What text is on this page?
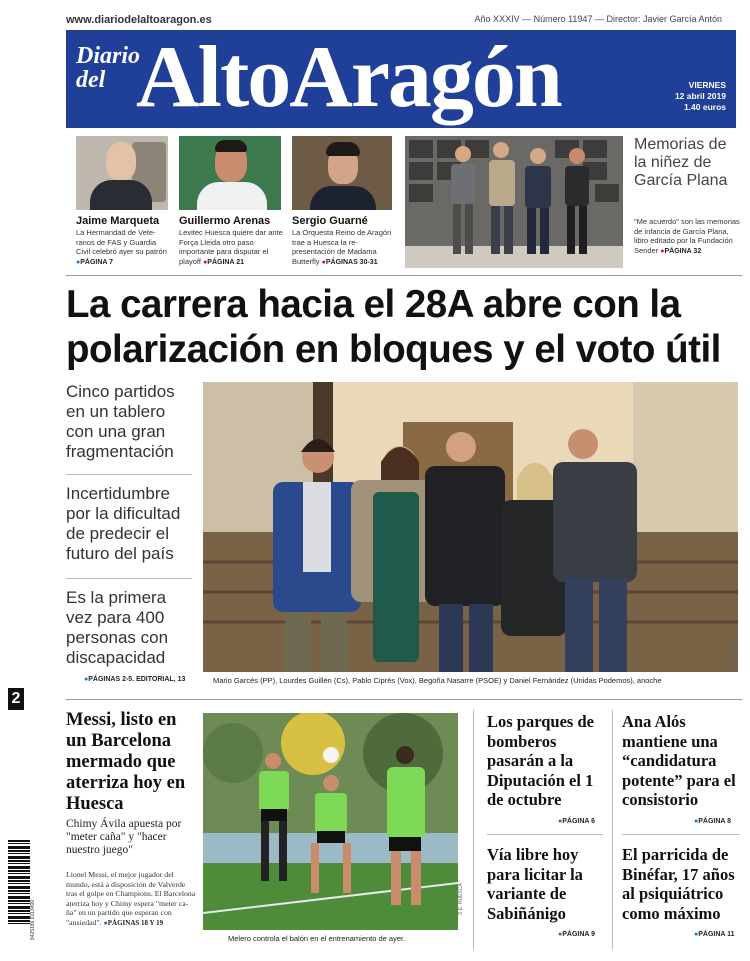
www.diariodelaltoaragon.es	Año XXXIV — Número 11947 — Director: Javier García Antón
Diario
del AltoAragón	VIERNES
12 abril 2019
1.40 euros
Jaime Marqueta
La Hermandad de Veteranos de FAS y Guardia Civil celebró ayer su patrón ● PÁGINA 7
Guillermo Arenas
Levitec Huesca quiere dar ante Força Lleida otro paso importante para disputar el playoff ● PÁGINA 21
Sergio Guarné
La Orquesta Reino de Aragón trae a Huesca la representación de Madama Butterfly ● PÁGINAS 30-31
Memorias de la niñez de García Plana
"Me acuerdo" son las memorias de infancia de García Plana, libro editado por la Fundación Sender ● PÁGINA 32
La carrera hacia el 28A abre con la polarización en bloques y el voto útil
Cinco partidos en un tablero con una gran fragmentación
Incertidumbre por la dificultad de predecir el futuro del país
Es la primera vez para 400 personas con discapacidad
● PÁGINAS 2-5. EDITORIAL, 13
RAFAEL GOBANTES
Mario Garcés (PP), Lourdes Guillén (Cs), Pablo Ciprés (Vox), Begoña Nasarre (PSOE) y Daniel Fernández (Unidas Podemos), anoche
2
Messi, listo en un Barcelona mermado que aterriza hoy en Huesca
Chimy Ávila apuesta por "meter caña" y "hacer nuestro juego"
Lionel Messi, el mejor jugador del mundo, está a disposición de Valverde tras el golpe en Champions. El Barcelona aterriza hoy y Chimy espera "meter caña" en un partido que esperan con "ansiedad". ● PÁGINAS 18 Y 19
S.E. HUESCA
Melero controla el balón en el entrenamiento de ayer.
Los parques de bomberos pasarán a la Diputación el 1 de octubre
● PÁGINA 6
Ana Alós mantiene una “candidatura potente” para el consistorio
● PÁGINA 8
Vía libre hoy para licitar la variante de Sabiñánigo
● PÁGINA 9
El parricida de Binéfar, 17 años al psiquiátrico como máximo
● PÁGINA 11
8425186 8113499
